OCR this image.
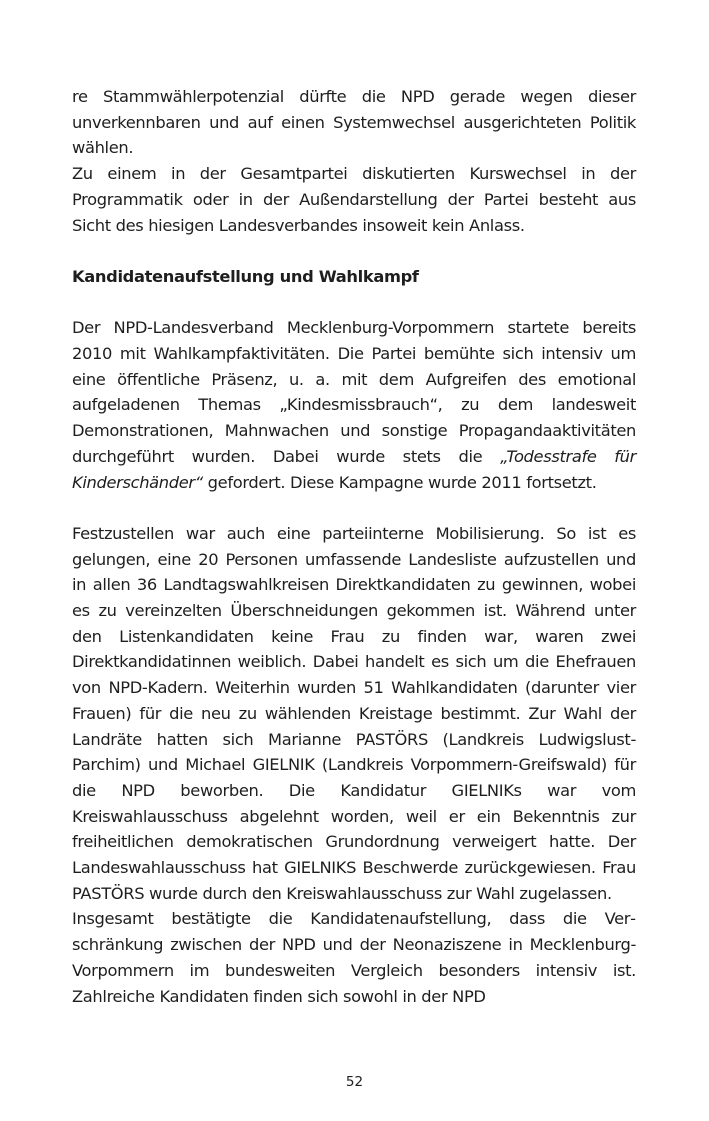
re Stammwählerpotenzial dürfte die NPD gerade wegen dieser unverkennbaren und auf einen Systemwechsel ausgerichteten Politik wählen.

Zu einem in der Gesamtpartei diskutierten Kurswechsel in der Programmatik oder in der Außendarstellung der Partei besteht aus Sicht des hiesigen Landesverbandes insoweit kein Anlass.

Kandidatenaufstellung und Wahlkampf

Der NPD-Landesverband Mecklenburg-Vorpommern startete bereits 2010 mit Wahlkampfaktivitäten. Die Partei bemühte sich intensiv um eine öffentliche Präsenz, u. a. mit dem Aufgreifen des emotional aufgeladenen Themas „Kindesmissbrauch“, zu dem landesweit Demonstrationen, Mahnwachen und sonstige Propagandaaktivitäten durchgeführt wurden. Dabei wurde stets die „Todesstrafe für Kinderschänder“ gefordert. Diese Kampagne wurde 2011 fortsetzt.

Festzustellen war auch eine parteiinterne Mobilisierung. So ist es gelungen, eine 20 Personen umfassende Landesliste aufzustellen und in allen 36 Landtagswahlkreisen Direktkandidaten zu gewinnen, wobei es zu vereinzelten Überschneidungen gekommen ist. Während unter den Listenkandidaten keine Frau zu finden war, waren zwei Direktkandidatinnen weiblich. Dabei handelt es sich um die Ehefrauen von NPD-Kadern. Weiterhin wurden 51 Wahlkandidaten (darunter vier Frauen) für die neu zu wählenden Kreistage bestimmt. Zur Wahl der Landräte hatten sich Marianne PASTÖRS (Landkreis Ludwigslust-Parchim) und Michael GIELNIK (Landkreis Vorpommern-Greifswald) für die NPD beworben. Die Kandidatur GIELNIKs war vom Kreiswahlausschuss abgelehnt worden, weil er ein Bekenntnis zur freiheitlichen demokratischen Grundordnung verweigert hatte. Der Landeswahlausschuss hat GIELNIKS Beschwerde zurückgewiesen. Frau PASTÖRS wurde durch den Kreiswahlausschuss zur Wahl zugelassen.

Insgesamt bestätigte die Kandidatenaufstellung, dass die Verschränkung zwischen der NPD und der Neonaziszene in Mecklenburg-Vorpommern im bundesweiten Vergleich besonders intensiv ist. Zahlreiche Kandidaten finden sich sowohl in der NPD

52
